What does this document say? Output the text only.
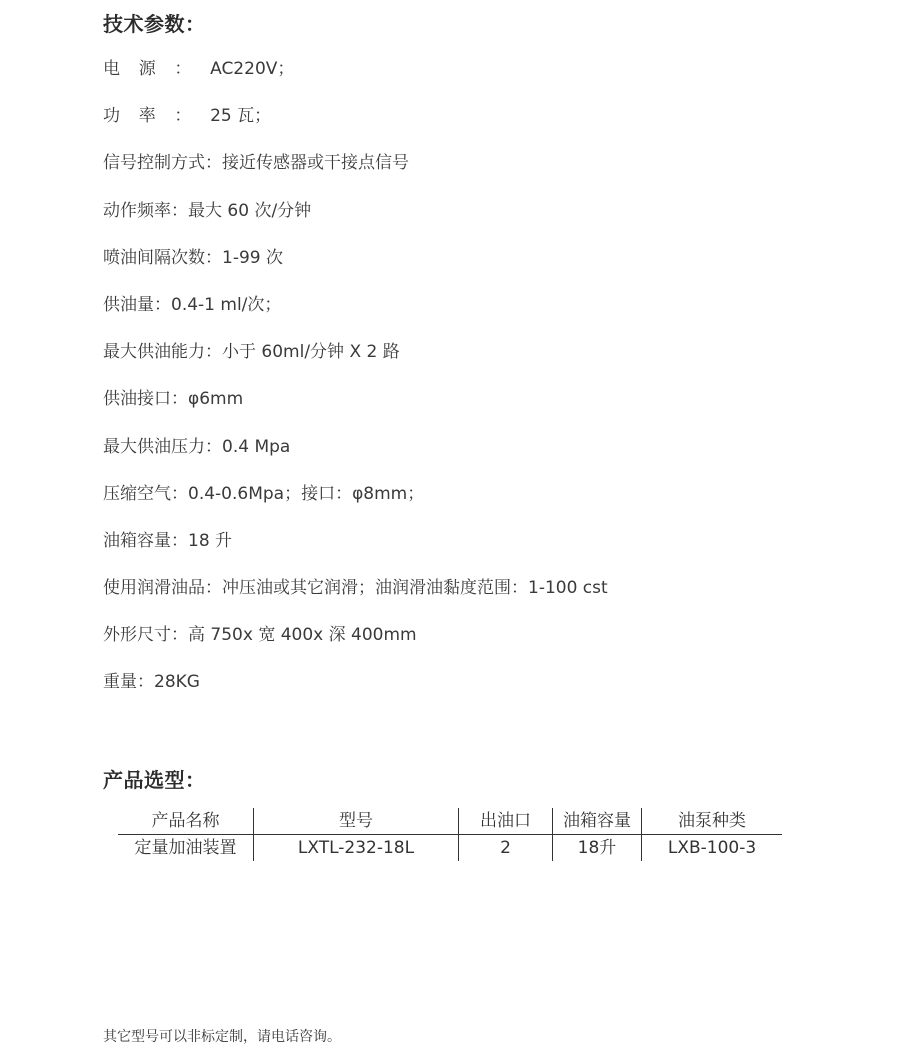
技术参数：
电源：AC220V；
功率：25 瓦；
信号控制方式：接近传感器或干接点信号
动作频率：最大 60 次/分钟
喷油间隔次数：1-99 次
供油量：0.4-1 ml/次；
最大供油能力：小于 60ml/分钟 X 2 路
供油接口：φ6mm
最大供油压力：0.4 Mpa
压缩空气：0.4-0.6Mpa；接口：φ8mm；
油箱容量：18 升
使用润滑油品：冲压油或其它润滑；油润滑油黏度范围：1-100 cst
外形尺寸：高 750x 宽 400x 深 400mm
重量：28KG
产品选型：
产品名称	型号	出油口	油箱容量	油泵种类
定量加油装置	LXTL-232-18L	2	18升	LXB-100-3
其它型号可以非标定制，请电话咨询。
